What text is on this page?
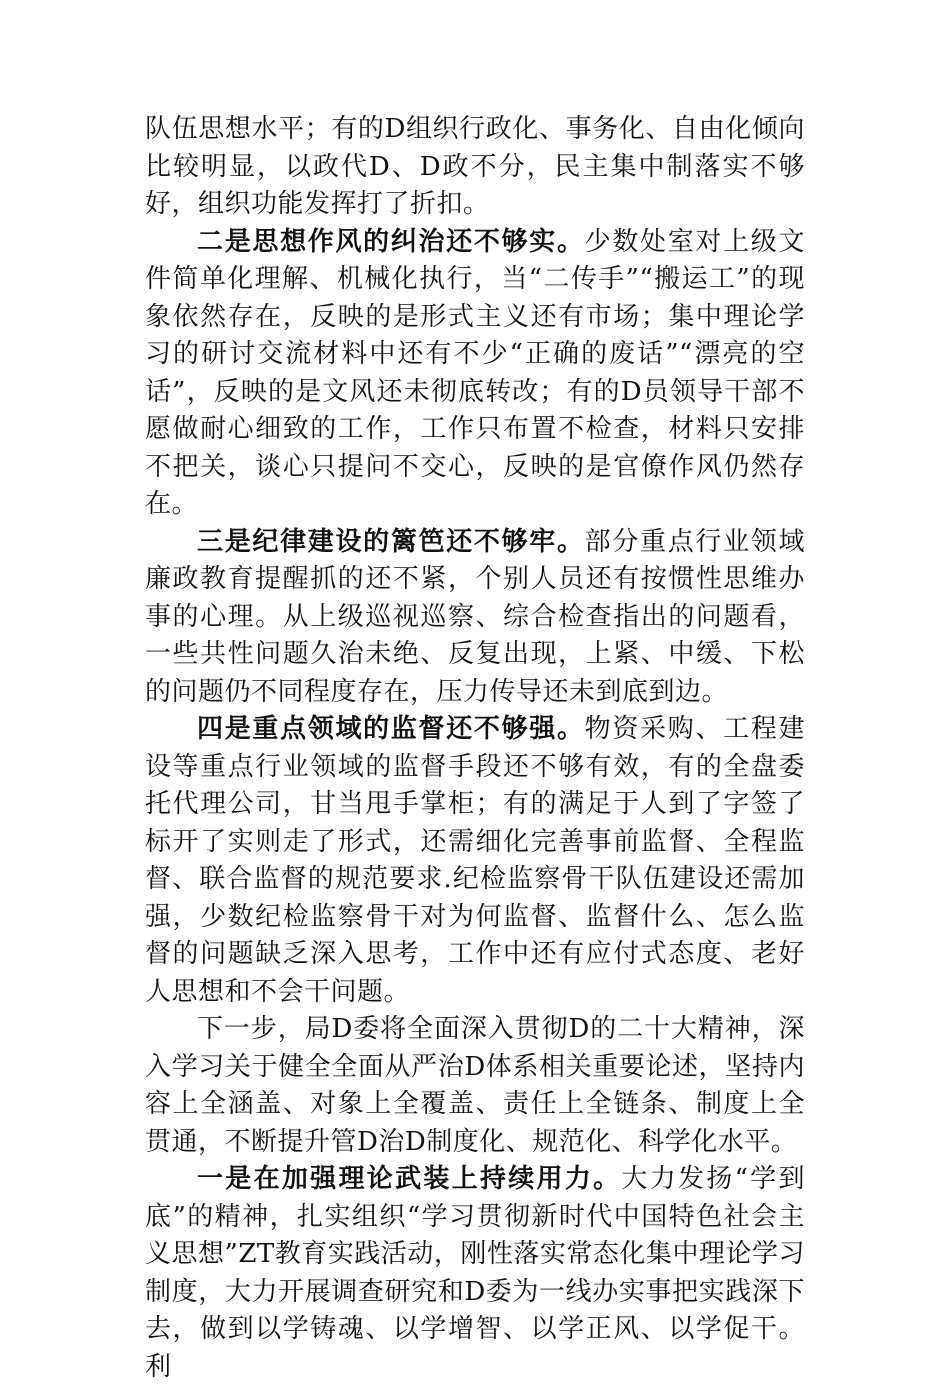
队伍思想水平；有的D组织行政化、事务化、自由化倾向比较明显，以政代D、D政不分，民主集中制落实不够好，组织功能发挥打了折扣。

二是思想作风的纠治还不够实。少数处室对上级文件简单化理解、机械化执行，当“二传手”“搬运工”的现象依然存在，反映的是形式主义还有市场；集中理论学习的研讨交流材料中还有不少“正确的废话”“漂亮的空话”，反映的是文风还未彻底转改；有的D员领导干部不愿做耐心细致的工作，工作只布置不检查，材料只安排不把关，谈心只提问不交心，反映的是官僚作风仍然存在。

三是纪律建设的篱笆还不够牢。部分重点行业领域廉政教育提醒抓的还不紧，个别人员还有按惯性思维办事的心理。从上级巡视巡察、综合检查指出的问题看，一些共性问题久治未绝、反复出现，上紧、中缓、下松的问题仍不同程度存在，压力传导还未到底到边。

四是重点领域的监督还不够强。物资采购、工程建设等重点行业领域的监督手段还不够有效，有的全盘委托代理公司，甘当甩手掌柜；有的满足于人到了字签了标开了实则走了形式，还需细化完善事前监督、全程监督、联合监督的规范要求.纪检监察骨干队伍建设还需加强，少数纪检监察骨干对为何监督、监督什么、怎么监督的问题缺乏深入思考，工作中还有应付式态度、老好人思想和不会干问题。

下一步，局D委将全面深入贯彻D的二十大精神，深入学习关于健全全面从严治D体系相关重要论述，坚持内容上全涵盖、对象上全覆盖、责任上全链条、制度上全贯通，不断提升管D治D制度化、规范化、科学化水平。

一是在加强理论武装上持续用力。大力发扬“学到底”的精神，扎实组织“学习贯彻新时代中国特色社会主义思想”ZT教育实践活动，刚性落实常态化集中理论学习制度，大力开展调查研究和D委为一线办实事把实践深下去，做到以学铸魂、以学增智、以学正风、以学促干。利
